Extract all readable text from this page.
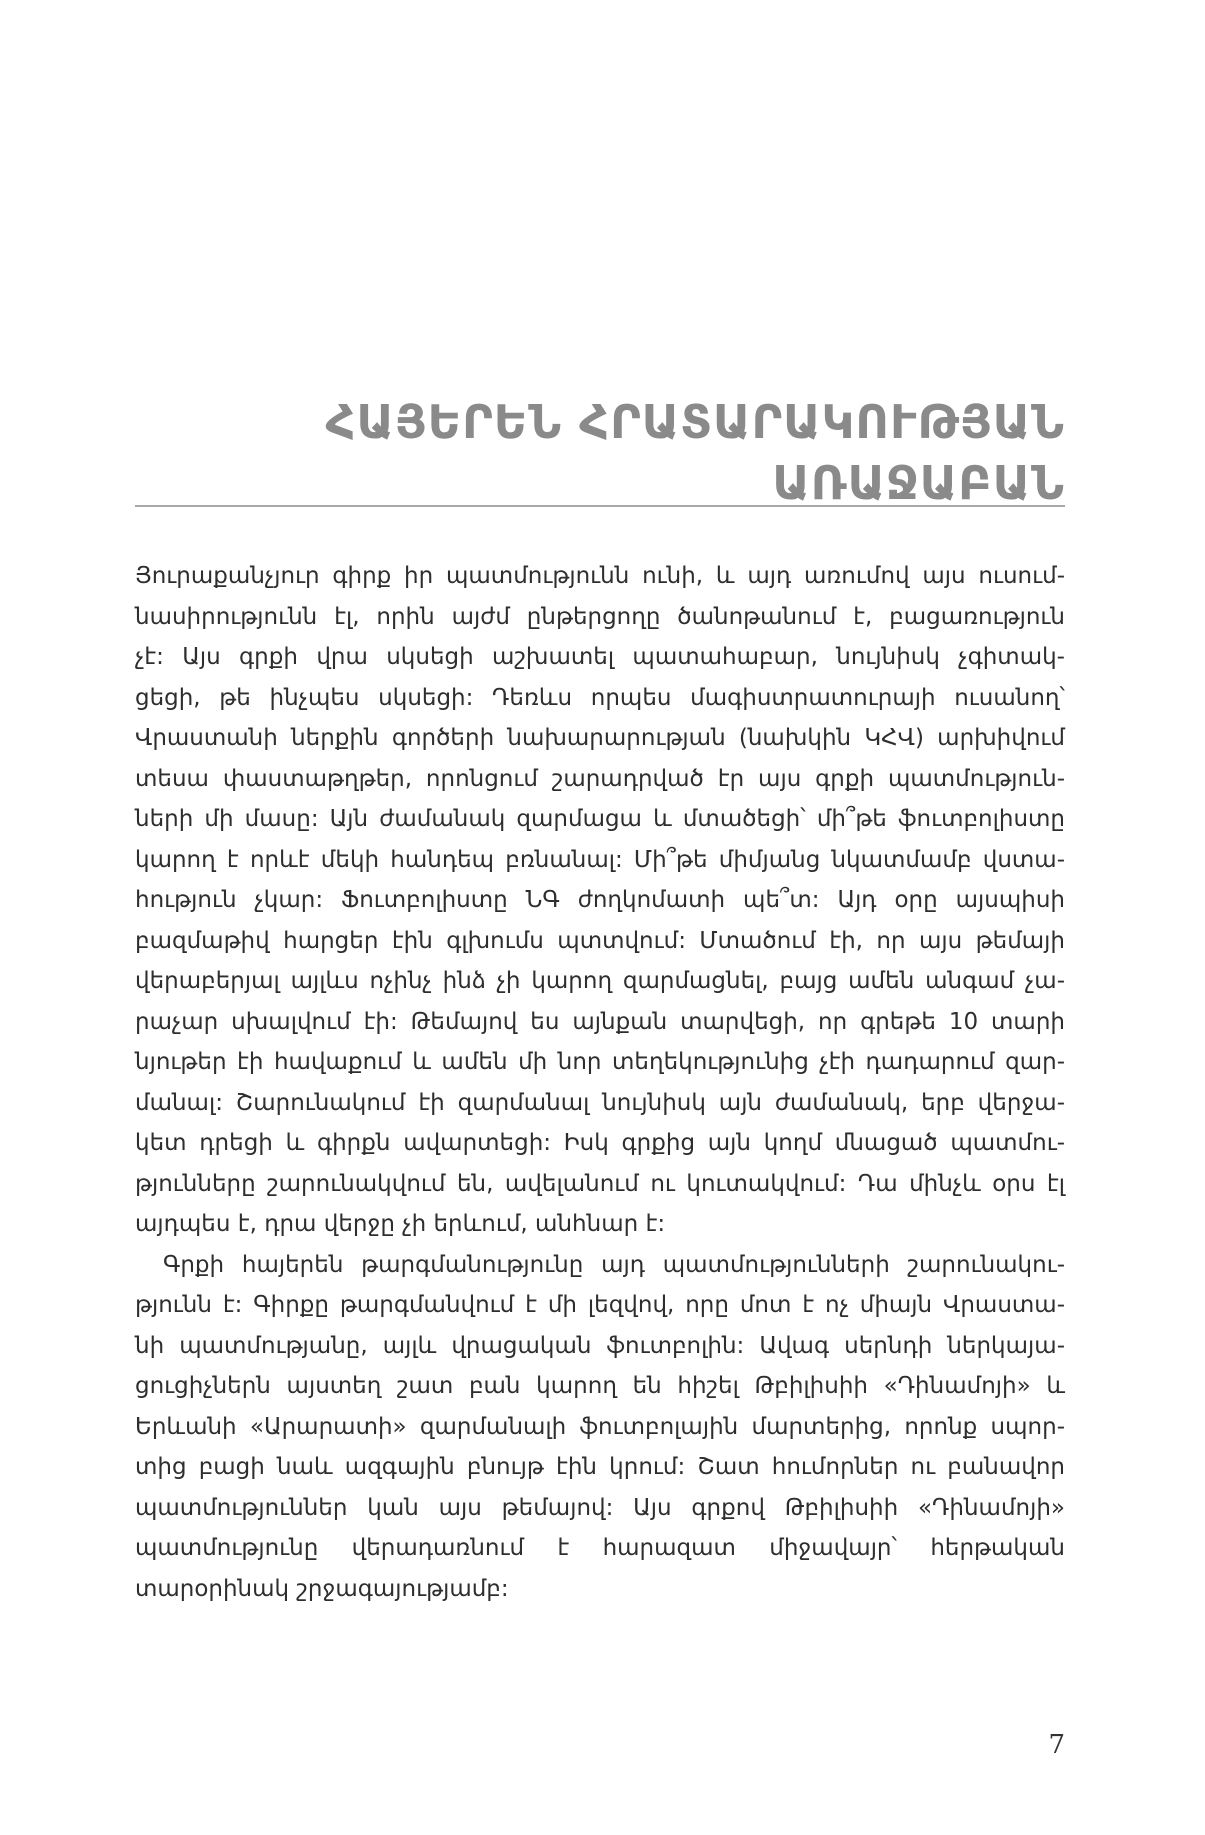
ՀԱՅԵՐԵՆ ՀՐԱՏԱՐԱԿՈՒԹՅԱՆ
ԱՌԱՋԱԲԱՆ
Յուրաքանչյուր գիրք իր պատմությունն ունի, և այդ առումով այս ուսում-
նասիրությունն էլ, որին այժմ ընթերցողը ծանոթանում է, բացառություն
չէ: Այս գրքի վրա սկսեցի աշխատել պատահաբար, նույնիսկ չգիտակ-
ցեցի, թե ինչպես սկսեցի: Դեռևս որպես մագիստրատուրայի ուսանող՝
Վրաստանի ներքին գործերի նախարարության (նախկին ԿՀՎ) արխիվում
տեսա փաստաթղթեր, որոնցում շարադրված էր այս գրքի պատմություն-
ների մի մասը: Այն ժամանակ զարմացա և մտածեցի՝ մի՞թե ֆուտբոլիստը
կարող է որևէ մեկի հանդեպ բռնանալ: Մի՞թե միմյանց նկատմամբ վստա-
հություն չկար: Ֆուտբոլիստը ՆԳ ժողկոմատի պե՞տ: Այդ օրը այսպիսի
բազմաթիվ հարցեր էին գլխումս պտտվում: Մտածում էի, որ այս թեմայի
վերաբերյալ այլևս ոչինչ ինձ չի կարող զարմացնել, բայց ամեն անգամ չա-
րաչար սխալվում էի: Թեմայով ես այնքան տարվեցի, որ գրեթե 10 տարի
նյութեր էի հավաքում և ամեն մի նոր տեղեկությունից չէի դադարում զար-
մանալ: Շարունակում էի զարմանալ նույնիսկ այն ժամանակ, երբ վերջա-
կետ դրեցի և գիրքն ավարտեցի: Իսկ գրքից այն կողմ մնացած պատմու-
թյունները շարունակվում են, ավելանում ու կուտակվում: Դա մինչև օրս էլ
այդպես է, դրա վերջը չի երևում, անհնար է:
Գրքի հայերեն թարգմանությունը այդ պատմությունների շարունակու-
թյունն է: Գիրքը թարգմանվում է մի լեզվով, որը մոտ է ոչ միայն Վրաստա-
նի պատմությանը, այլև վրացական ֆուտբոլին: Ավագ սերնդի ներկայա-
ցուցիչներն այստեղ շատ բան կարող են հիշել Թբիլիսիի «Դինամոյի» և
Երևանի «Արարատի» զարմանալի ֆուտբոլային մարտերից, որոնք սպոր-
տից բացի նաև ազգային բնույթ էին կրում: Շատ հումորներ ու բանավոր
պատմություններ կան այս թեմայով: Այս գրքով Թբիլիսիի «Դինամոյի»
պատմությունը վերադառնում է հարազատ միջավայր՝ հերթական
տարօրինակ շրջագայությամբ:
7
